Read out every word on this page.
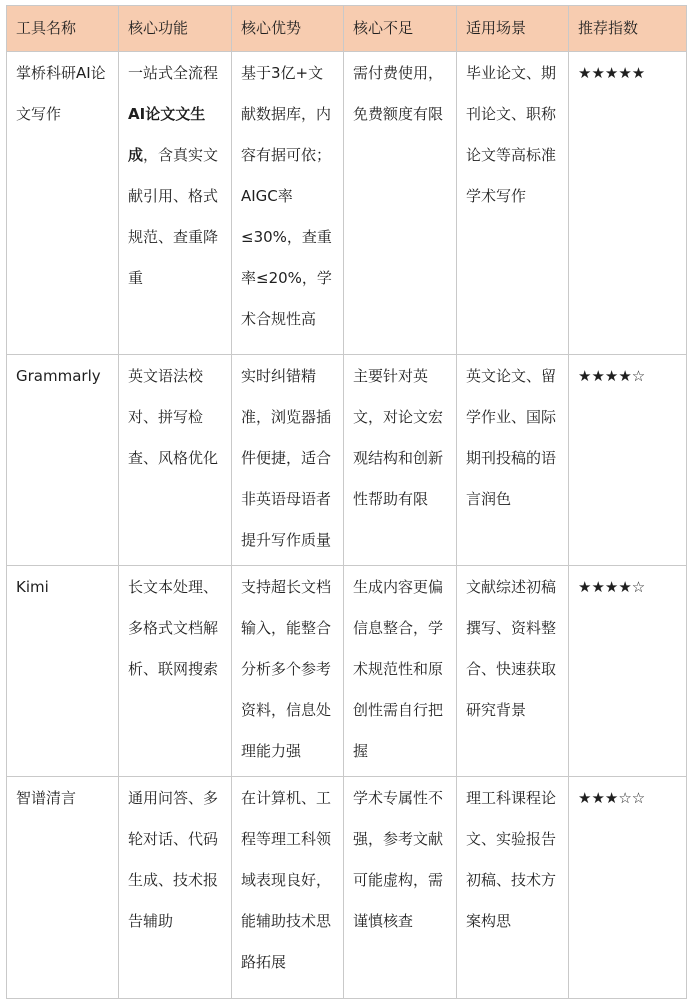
工具名称	核心功能	核心优势	核心不足	适用场景	推荐指数
掌桥科研AI论文写作	一站式全流程AI论文文生成，含真实文献引用、格式规范、查重降重	基于3亿+文献数据库，内容有据可依；AIGC率≤30%，查重率≤20%，学术合规性高	需付费使用，免费额度有限	毕业论文、期刊论文、职称论文等高标准学术写作	★★★★★
Grammarly	英文语法校对、拼写检查、风格优化	实时纠错精准，浏览器插件便捷，适合非英语母语者提升写作质量	主要针对英文，对论文宏观结构和创新性帮助有限	英文论文、留学作业、国际期刊投稿的语言润色	★★★★☆
Kimi	长文本处理、多格式文档解析、联网搜索	支持超长文档输入，能整合分析多个参考资料，信息处理能力强	生成内容更偏信息整合，学术规范性和原创性需自行把握	文献综述初稿撰写、资料整合、快速获取研究背景	★★★★☆
智谱清言	通用问答、多轮对话、代码生成、技术报告辅助	在计算机、工程等理工科领域表现良好，能辅助技术思路拓展	学术专属性不强，参考文献可能虚构，需谨慎核查	理工科课程论文、实验报告初稿、技术方案构思	★★★☆☆
